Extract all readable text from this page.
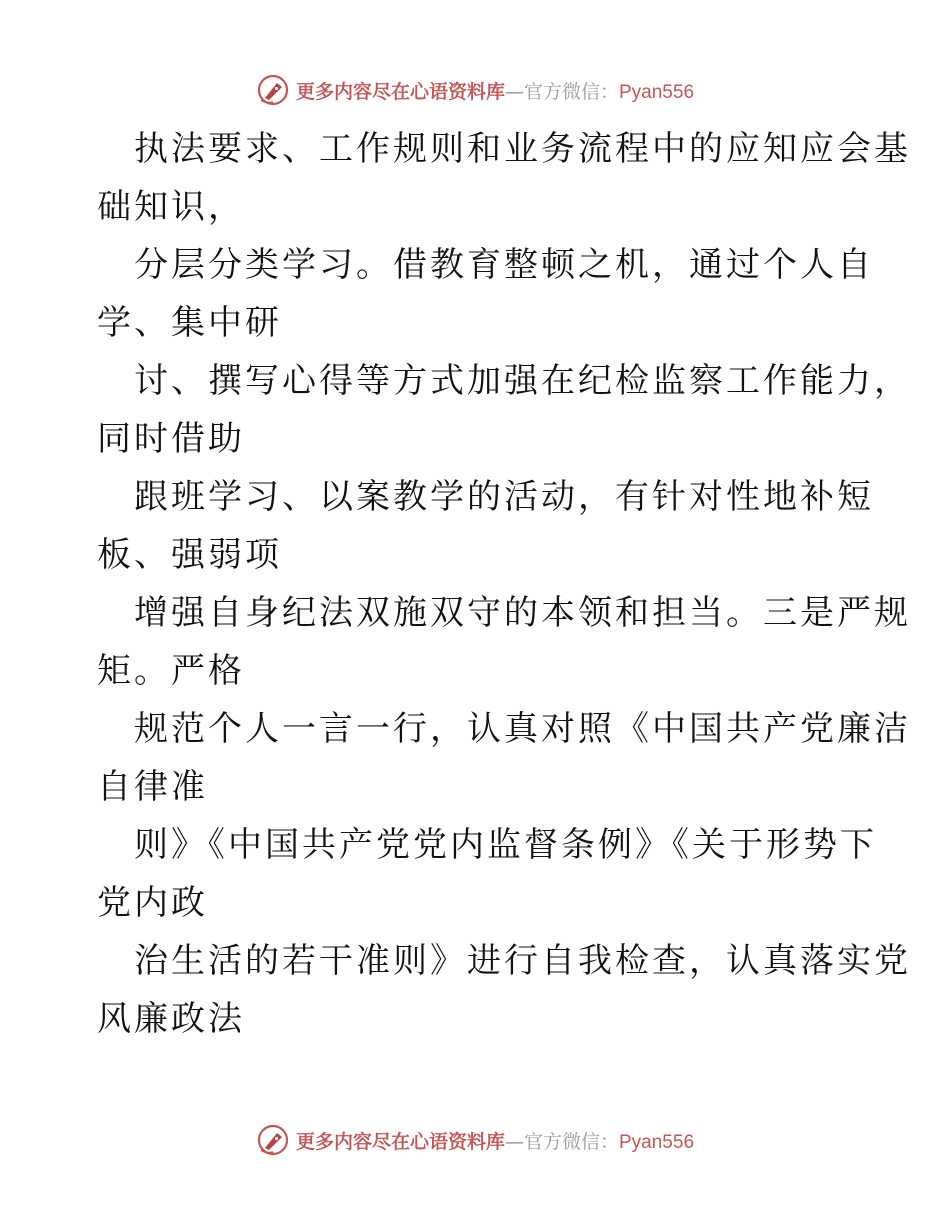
更多内容尽在心语资料库 — 官方微信： Pyan556
执法要求、工作规则和业务流程中的应知应会基
础知识，
分层分类学习。借教育整顿之机，通过个人自
学、集中研
讨、撰写心得等方式加强在纪检监察工作能力，
同时借助
跟班学习、以案教学的活动，有针对性地补短
板、强弱项
增强自身纪法双施双守的本领和担当。三是严规
矩。严格
规范个人一言一行，认真对照《中国共产党廉洁
自律准
则》《中国共产党党内监督条例》《关于形势下
党内政
治生活的若干准则》进行自我检查，认真落实党
风廉政法
更多内容尽在心语资料库 — 官方微信： Pyan556
